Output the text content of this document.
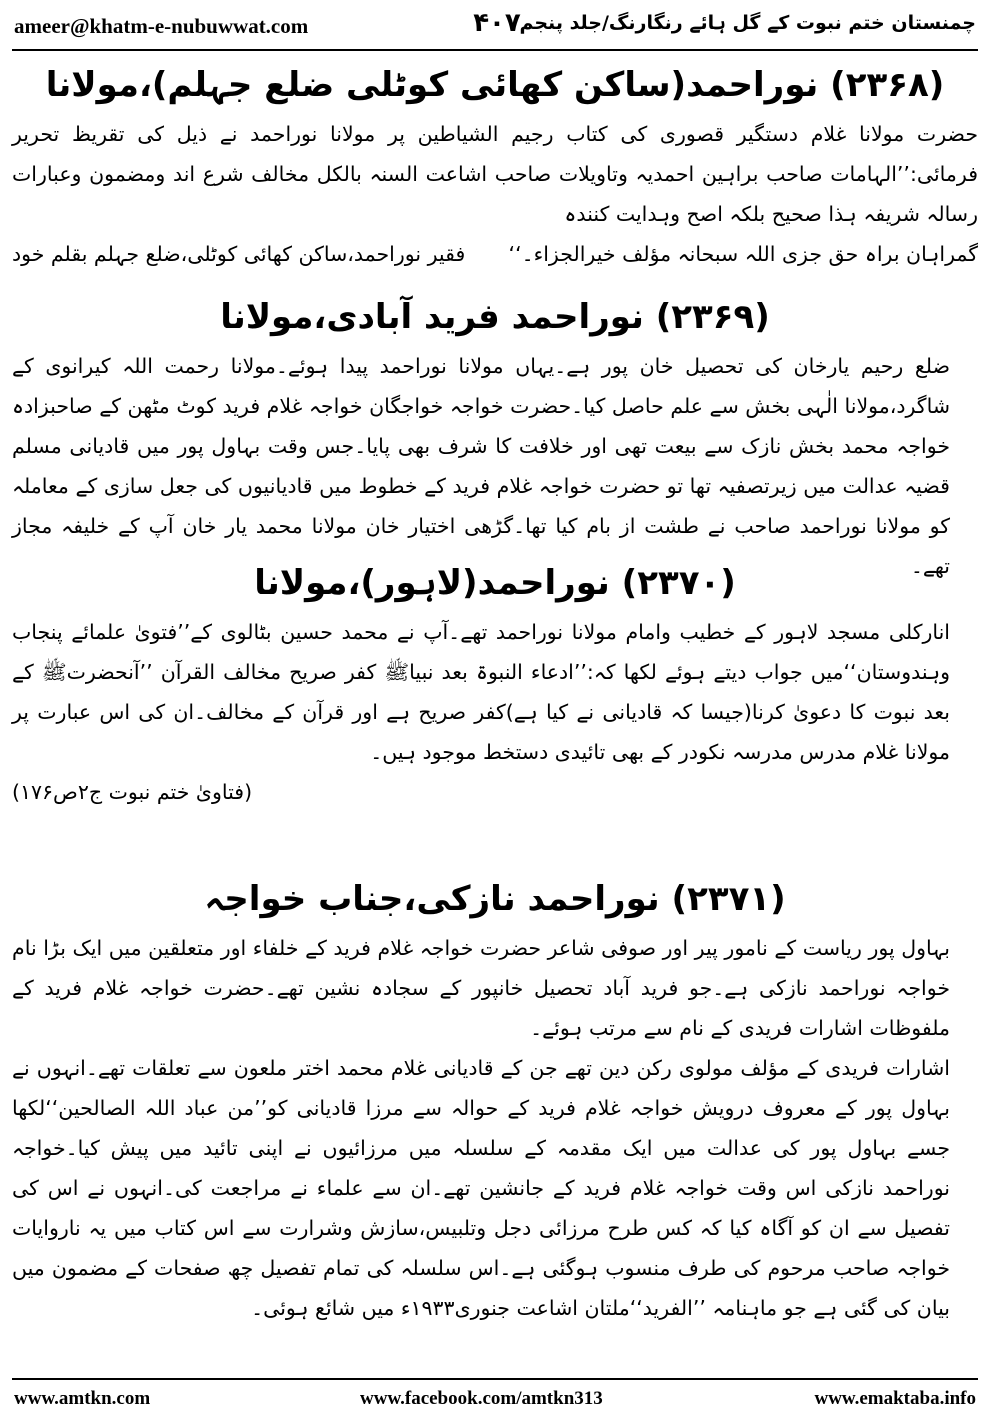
ameer@khatm-e-nubuwwat.com	۴۰۷
چمنستان ختم نبوت کے گل ہائے رنگارنگ/جلد پنجم
(۲۳۶۸) نوراحمد(ساکن کھائی کوٹلی ضلع جہلم)،مولانا

حضرت مولانا غلام دستگیر قصوری کی کتاب رجیم الشیاطین پر مولانا نوراحمد نے ذیل کی تقریظ تحریر فرمائی:’’الہامات صاحب براہین احمدیہ وتاویلات صاحب اشاعت السنہ بالکل مخالف شرع اند ومضمون وعبارات رسالہ شریفہ ہذا صحیح بلکہ اصح وہدایت کنندہ

گمراہان براہ حق جزی اللہ سبحانہ مؤلف خیرالجزاء۔‘‘
فقیر نوراحمد،ساکن کھائی کوٹلی،ضلع جہلم بقلم خود
(۲۳۶۹) نوراحمد فرید آبادی،مولانا

ضلع رحیم یارخان کی تحصیل خان پور ہے۔یہاں مولانا نوراحمد پیدا ہوئے۔مولانا رحمت اللہ کیرانوی کے شاگرد،مولانا الٰہی بخش سے علم حاصل کیا۔حضرت خواجہ خواجگان خواجہ غلام فرید کوٹ مٹھن کے صاحبزادہ خواجہ محمد بخش نازک سے بیعت تھی اور خلافت کا شرف بھی پایا۔جس وقت بہاول پور میں قادیانی مسلم قضیہ عدالت میں زیرتصفیہ تھا تو حضرت خواجہ غلام فرید کے خطوط میں قادیانیوں کی جعل سازی کے معاملہ کو مولانا نوراحمد صاحب نے طشت از بام کیا تھا۔گڑھی اختیار خان مولانا محمد یار خان آپ کے خلیفہ مجاز تھے۔

(۲۳۷۰) نوراحمد(لاہور)،مولانا

انارکلی مسجد لاہور کے خطیب وامام مولانا نوراحمد تھے۔آپ نے محمد حسین بٹالوی کے’’فتویٰ علمائے پنجاب وہندوستان‘‘میں جواب دیتے ہوئے لکھا کہ:’’ادعاء النبوۃ بعد نبیاﷺ کفر صریح مخالف القرآن ’’آنحضرتﷺ کے بعد نبوت کا دعویٰ کرنا(جیسا کہ قادیانی نے کیا ہے)کفر صریح ہے اور قرآن کے مخالف۔ان کی اس عبارت پر مولانا غلام مدرس مدرسہ نکودر کے بھی تائیدی دستخط موجود ہیں۔

(فتاویٰ ختم نبوت ج۲ص۱۷۶)
(۲۳۷۱) نوراحمد نازکی،جناب خواجہ

بہاول پور ریاست کے نامور پیر اور صوفی شاعر حضرت خواجہ غلام فرید کے خلفاء اور متعلقین میں ایک بڑا نام خواجہ نوراحمد نازکی ہے۔جو فرید آباد تحصیل خانپور کے سجادہ نشین تھے۔حضرت خواجہ غلام فرید کے ملفوظات اشارات فریدی کے نام سے مرتب ہوئے۔

اشارات فریدی کے مؤلف مولوی رکن دین تھے جن کے قادیانی غلام محمد اختر ملعون سے تعلقات تھے۔انہوں نے بہاول پور کے معروف درویش خواجہ غلام فرید کے حوالہ سے مرزا قادیانی کو’’من عباد اللہ الصالحین‘‘لکھا جسے بہاول پور کی عدالت میں ایک مقدمہ کے سلسلہ میں مرزائیوں نے اپنی تائید میں پیش کیا۔خواجہ نوراحمد نازکی اس وقت خواجہ غلام فرید کے جانشین تھے۔ان سے علماء نے مراجعت کی۔انہوں نے اس کی تفصیل سے ان کو آگاہ کیا کہ کس طرح مرزائی دجل وتلبیس،سازش وشرارت سے اس کتاب میں یہ ناروایات خواجہ صاحب مرحوم کی طرف منسوب ہوگئی ہے۔اس سلسلہ کی تمام تفصیل چھ صفحات کے مضمون میں بیان کی گئی ہے جو ماہنامہ ’’الفرید‘‘ملتان اشاعت جنوری۱۹۳۳ء میں شائع ہوئی۔

www.amtkn.com	www.facebook.com/amtkn313	www.emaktaba.info
